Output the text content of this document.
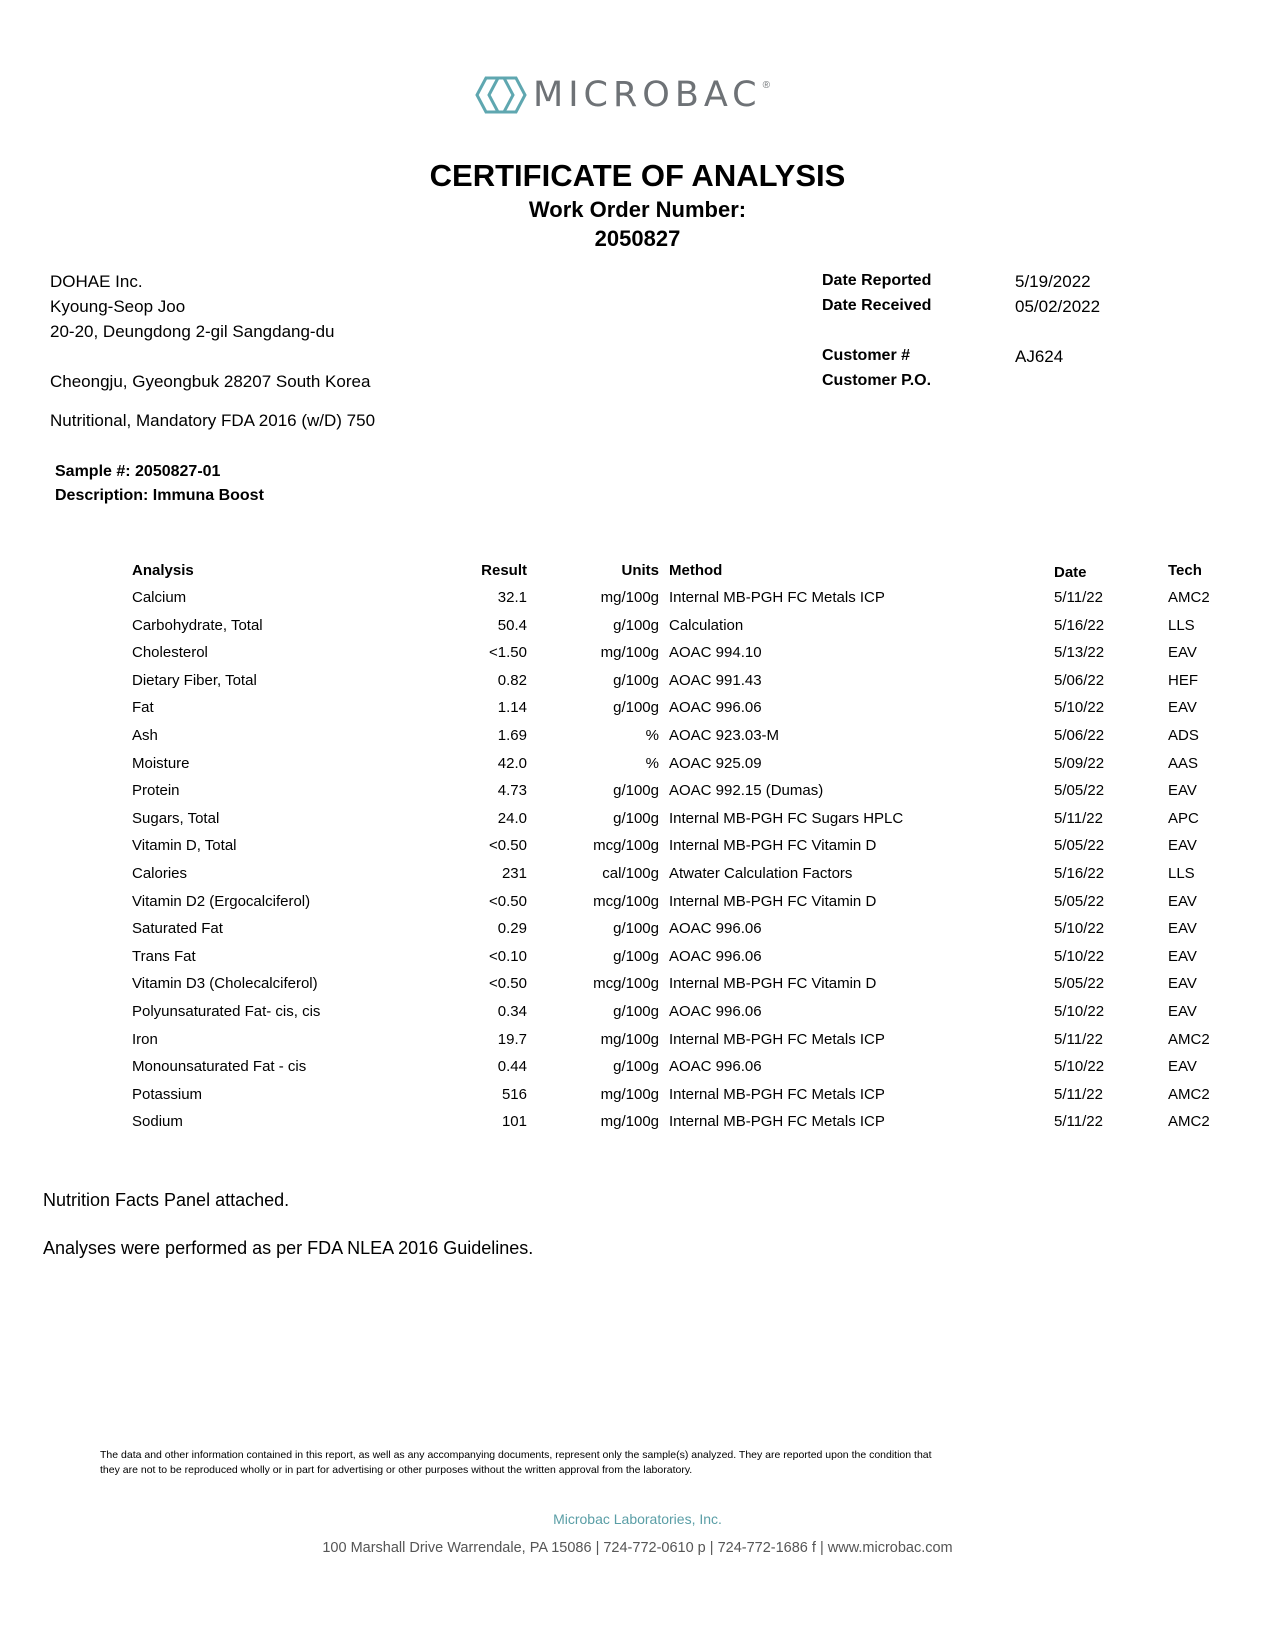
MICROBAC ®
CERTIFICATE OF ANALYSIS
Work Order Number:
2050827
DOHAE Inc.
Kyoung-Seop Joo
20-20, Deungdong 2-gil Sangdang-du
Cheongju, Gyeongbuk 28207 South Korea
Nutritional, Mandatory FDA 2016 (w/D) 750
Date Reported	5/19/2022
Date Received	05/02/2022
Customer #	AJ624
Customer P.O.
Sample #: 2050827-01
Description: Immuna Boost
Analysis	Result	Units Method	Date	Tech
Calcium	32.1	mg/100g Internal MB-PGH FC Metals ICP	5/11/22	AMC2
Carbohydrate, Total	50.4	g/100g Calculation	5/16/22	LLS
Cholesterol	<1.50	mg/100g AOAC 994.10	5/13/22	EAV
Dietary Fiber, Total	0.82	g/100g AOAC 991.43	5/06/22	HEF
Fat	1.14	g/100g AOAC 996.06	5/10/22	EAV
Ash	1.69	% AOAC 923.03-M	5/06/22	ADS
Moisture	42.0	% AOAC 925.09	5/09/22	AAS
Protein	4.73	g/100g AOAC 992.15 (Dumas)	5/05/22	EAV
Sugars, Total	24.0	g/100g Internal MB-PGH FC Sugars HPLC	5/11/22	APC
Vitamin D, Total	<0.50	mcg/100g Internal MB-PGH FC Vitamin D	5/05/22	EAV
Calories	231	cal/100g Atwater Calculation Factors	5/16/22	LLS
Vitamin D2 (Ergocalciferol)	<0.50	mcg/100g Internal MB-PGH FC Vitamin D	5/05/22	EAV
Saturated Fat	0.29	g/100g AOAC 996.06	5/10/22	EAV
Trans Fat	<0.10	g/100g AOAC 996.06	5/10/22	EAV
Vitamin D3 (Cholecalciferol)	<0.50	mcg/100g Internal MB-PGH FC Vitamin D	5/05/22	EAV
Polyunsaturated Fat- cis, cis	0.34	g/100g AOAC 996.06	5/10/22	EAV
Iron	19.7	mg/100g Internal MB-PGH FC Metals ICP	5/11/22	AMC2
Monounsaturated Fat - cis	0.44	g/100g AOAC 996.06	5/10/22	EAV
Potassium	516	mg/100g Internal MB-PGH FC Metals ICP	5/11/22	AMC2
Sodium	101	mg/100g Internal MB-PGH FC Metals ICP	5/11/22	AMC2
Nutrition Facts Panel attached.
Analyses were performed as per FDA NLEA 2016 Guidelines.
The data and other information contained in this report, as well as any accompanying documents, represent only the sample(s) analyzed. They are reported upon the condition that they are not to be reproduced wholly or in part for advertising or other purposes without the written approval from the laboratory.
Microbac Laboratories, Inc.
100 Marshall Drive Warrendale, PA 15086 | 724-772-0610 p | 724-772-1686 f | www.microbac.com
